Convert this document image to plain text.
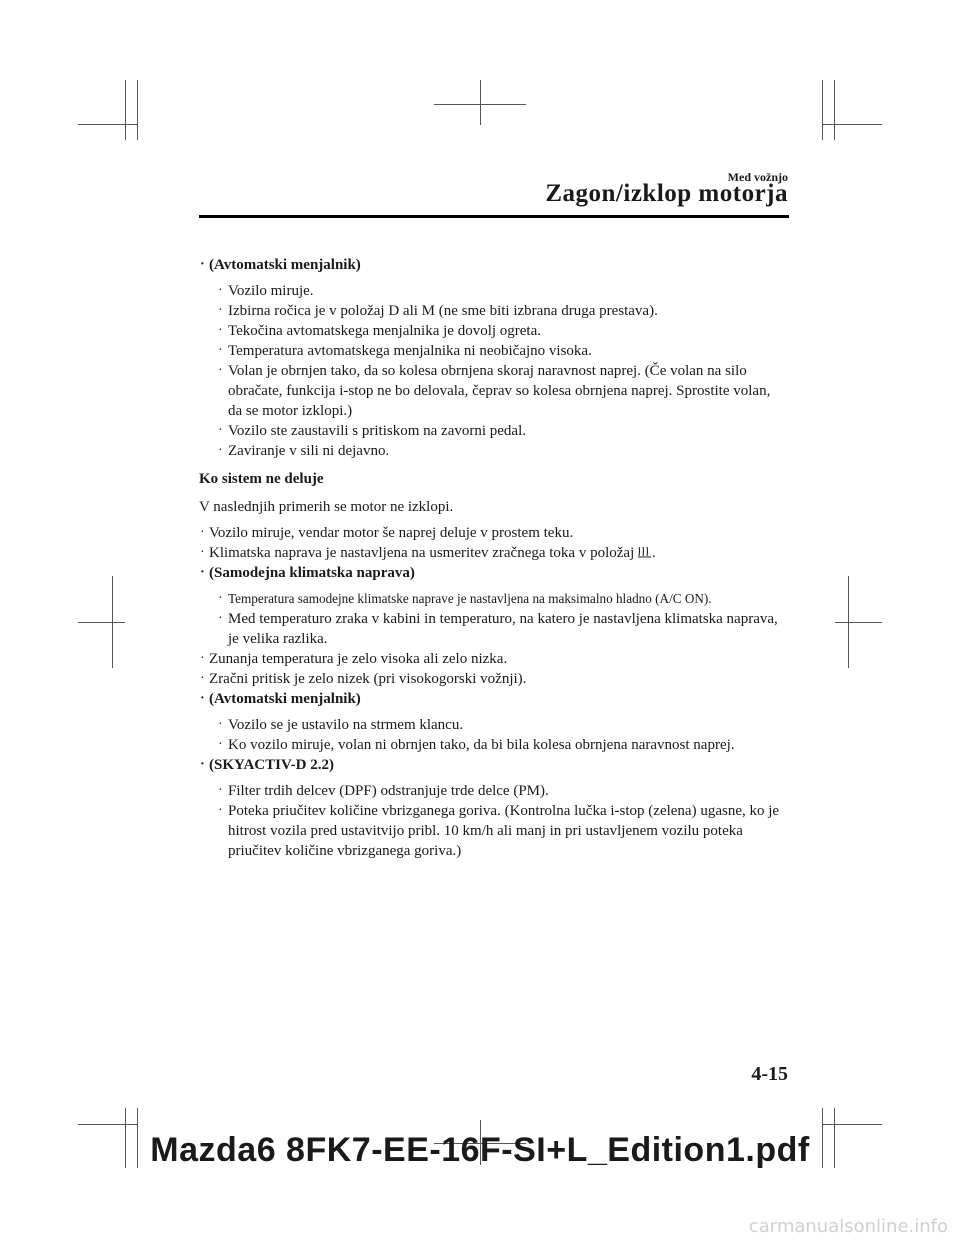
Med vožnjo
Zagon/izklop motorja
· (Avtomatski menjalnik)
· Vozilo miruje.
· Izbirna ročica je v položaj D ali M (ne sme biti izbrana druga prestava).
· Tekočina avtomatskega menjalnika je dovolj ogreta.
· Temperatura avtomatskega menjalnika ni neobičajno visoka.
· Volan je obrnjen tako, da so kolesa obrnjena skoraj naravnost naprej. (Če volan na silo obračate, funkcija i-stop ne bo delovala, čeprav so kolesa obrnjena naprej. Sprostite volan, da se motor izklopi.)
· Vozilo ste zaustavili s pritiskom na zavorni pedal.
· Zaviranje v sili ni dejavno.
Ko sistem ne deluje
V naslednjih primerih se motor ne izklopi.
· Vozilo miruje, vendar motor še naprej deluje v prostem teku.
· Klimatska naprava je nastavljena na usmeritev zračnega toka v položaj .
· (Samodejna klimatska naprava)
· Temperatura samodejne klimatske naprave je nastavljena na maksimalno hladno (A/C ON).
· Med temperaturo zraka v kabini in temperaturo, na katero je nastavljena klimatska naprava, je velika razlika.
· Zunanja temperatura je zelo visoka ali zelo nizka.
· Zračni pritisk je zelo nizek (pri visokogorski vožnji).
· (Avtomatski menjalnik)
· Vozilo se je ustavilo na strmem klancu.
· Ko vozilo miruje, volan ni obrnjen tako, da bi bila kolesa obrnjena naravnost naprej.
· (SKYACTIV-D 2.2)
· Filter trdih delcev (DPF) odstranjuje trde delce (PM).
· Poteka priučitev količine vbrizganega goriva. (Kontrolna lučka i-stop (zelena) ugasne, ko je hitrost vozila pred ustavitvijo pribl. 10 km/h ali manj in pri ustavljenem vozilu poteka priučitev količine vbrizganega goriva.)
4-15
Mazda6 8FK7-EE-16F-SI+L_Edition1.pdf
carmanualsonline.info
